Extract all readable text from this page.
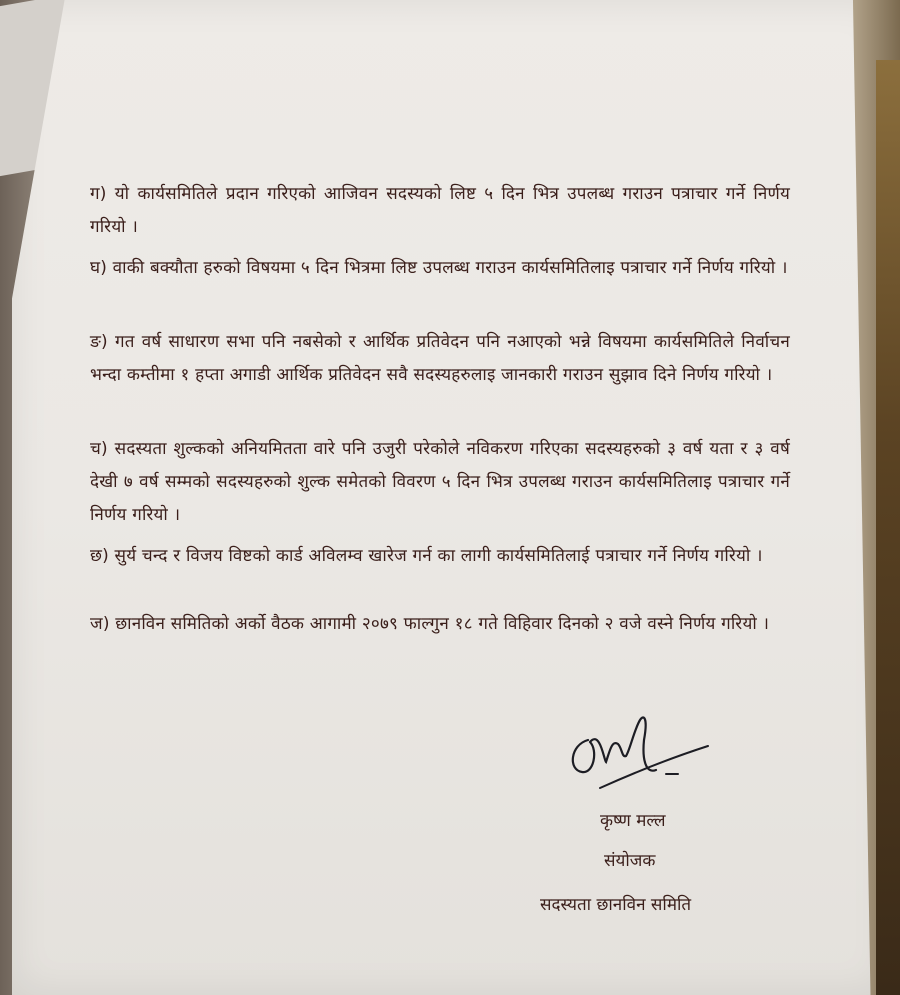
ग) यो कार्यसमितिले प्रदान गरिएको आजिवन सदस्यको लिष्ट ५ दिन भित्र उपलब्ध गराउन पत्राचार गर्ने निर्णय गरियो ।
घ) वाकी बक्यौता हरुको विषयमा ५ दिन भित्रमा लिष्ट उपलब्ध गराउन कार्यसमितिलाइ पत्राचार गर्ने निर्णय गरियो ।
ङ) गत वर्ष साधारण सभा पनि नबसेको र आर्थिक प्रतिवेदन पनि नआएको भन्ने विषयमा कार्यसमितिले निर्वाचन भन्दा कम्तीमा १ हप्ता अगाडी आर्थिक प्रतिवेदन सवै सदस्यहरुलाइ जानकारी गराउन सुझाव दिने निर्णय गरियो ।
च) सदस्यता शुल्कको अनियमितता वारे पनि उजुरी परेकोले नविकरण गरिएका सदस्यहरुको ३ वर्ष यता र ३ वर्ष देखी ७ वर्ष सम्मको सदस्यहरुको शुल्क समेतको विवरण ५ दिन भित्र उपलब्ध गराउन कार्यसमितिलाइ पत्राचार गर्ने निर्णय गरियो ।
छ) सुर्य चन्द र विजय विष्टको कार्ड अविलम्व खारेज गर्न का लागी कार्यसमितिलाई पत्राचार गर्ने निर्णय गरियो ।
ज) छानविन समितिको अर्को वैठक आगामी २०७९ फाल्गुन १८ गते विहिवार दिनको २ वजे वस्ने निर्णय गरियो ।
कृष्ण मल्ल
संयोजक
सदस्यता छानविन समिति
